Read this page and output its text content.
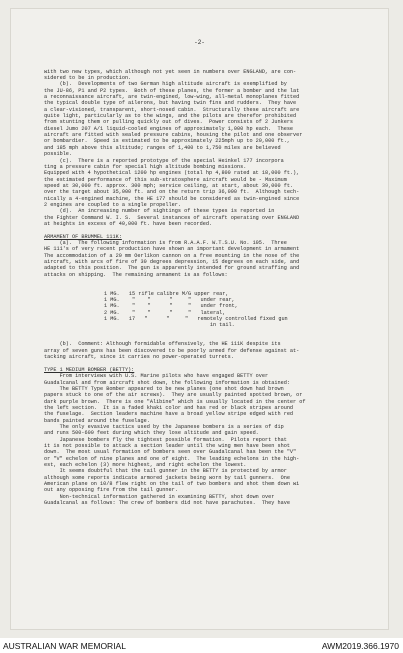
-2-

with two new types, which although not yet seen in numbers over ENGLAND, are con-
sidered to be in production.
(b).  Developments of two German high altitude aircraft is exemplified by
the JU-86, P1 and P2 types.  Both of these planes, the former a bomber and the lat
a reconnaissance aircraft, are twin-engined, low-wing, all-metal monoplanes fitted
the typical double type of ailerons, but having twin fins and rudders.  They have
a clear-visioned, transparent, short-nosed cabin.  Structurally these aircraft are
quite light, particularly as to the wings, and the pilots are therefor prohibited
from stunting them or pulling quickly out of dives.  Power consists of 2 Junkers
diesel Jumo 207 A/1 liquid-cooled engines of approximately 1,000 hp each.  These
aircraft are fitted with sealed pressure cabins, housing the pilot and one observer
or bombardier.  Speed is estimated to be approximately 225mph up to 20,000 ft.,
and 185 mph above this altitude; ranges of 1,400 to 1,750 miles are believed
possible.
(c).  There is a reported prototype of the special Heinkel 177 incorpora
ting a pressure cabin for special high altitude bombing missions.
Equipped with 4 hypothetical 1200 hp engines (total hp 4,800 rated at 18,000 ft.),
the estimated performance of this sub-stratosphere aircraft would be - Maximum
speed at 30,000 ft. approx. 300 mph; service ceiling, at start, about 39,000 ft.
over the target about 35,000 ft. and on the return trip 36,000 ft.  Although tech-
nically a 4-engined machine, the HE 177 should be considered as twin-engined since
2 engines are coupled to a single propeller.
(d).  An increasing number of sightings of these types is reported in
the Fighter Command W. I. S.  Several instances of aircraft operating over ENGLAND
at heights in excess of 40,000 ft. have been recorded.
ARMAMENT OF BRUMMEL 111K:
(a).  The following information is from R.A.A.F. W.T.S.U. No. 105.  Three
HE 111's of very recent production have shown an important development in armament
The accommodation of a 20 mm Oerlikon cannon on a free mounting in the nose of the
aircraft, with arcs of fire of 30 degrees depression, 15 degrees on each side, and
adapted to this position.  The gun is apparently intended for ground straffing and
attacks on shipping.  The remaining armament is as follows:

1 MG.   15 rifle calibre M/G upper rear,
1 MG.    "    "      "     "   under rear,
1 MG.    "    "      "     "   under front,
2 MG.    "    "      "     "   lateral,
1 MG.   17   "      "     "   remotely controlled fixed gun
in tail.

(b).  Comment: Although formidable offensively, the HE 111K despite its
array of seven guns has been discovered to be poorly armed for defense against at-
tacking aircraft, since it carries no power-operated turrets.
TYPE 1 MEDIUM BOMBER (BETTY):
From interviews with U.S. Marine pilots who have engaged BETTY over
Guadalcanal and from aircraft shot down, the following information is obtained:
The BETTY Type Bomber appeared to be new planes (one shot down had brown
papers stuck to one of the air screws).  They are usually painted spotted brown, or
dark purple brown.  There is one "Alibine" which is usually located in the center of
the left section.  It is a faded khaki color and has red or black stripes around
the fuselage.  Section leaders machine have a broad yellow stripe edged with red
bands painted around the fuselage.
The only evasive tactics used by the Japanese bombers is a series of dip
and runs 500-600 feet during which they lose altitude and gain speed.
Japanese bombers fly the tightest possible formation.  Pilots report that
it is not possible to attack a section leader until the wing men have been shot
down.  The most usual formation of bombers seen over Guadalcanal has been the "V"
or "V" echelon of nine planes and one of eight.  The leading echelons in the high-
est, each echelon (3) more highest, and right echelon the lowest.
It seems doubtful that the tail gunner in the BETTY is protected by armor
although some reports indicate armored jackets being worn by tail gunners.  One
American plane on 10/8 flew right on the tail of two bombers and shot them down wi
out any opposing fire from the tail gunner.
Non-technical information gathered in examining BETTY, shot down over
Guadalcanal as follows: The crew of bombers did not have parachutes.  They have

AUSTRALIAN WAR MEMORIAL	AWM2019.366.1970
